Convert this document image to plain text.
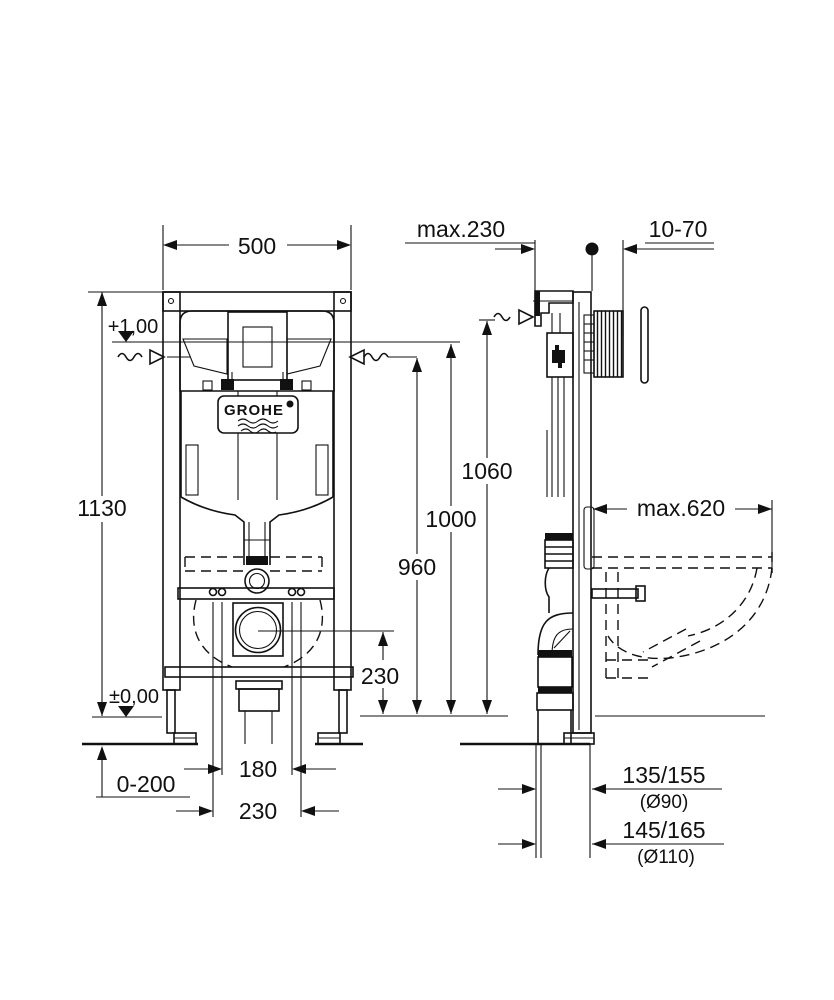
GROHE
500
max.230	10-70
+1,00
1130
960
1000
1060
230
max.620
±0,00
0-200
180
230
135/155
(Ø90)
145/165
(Ø110)
